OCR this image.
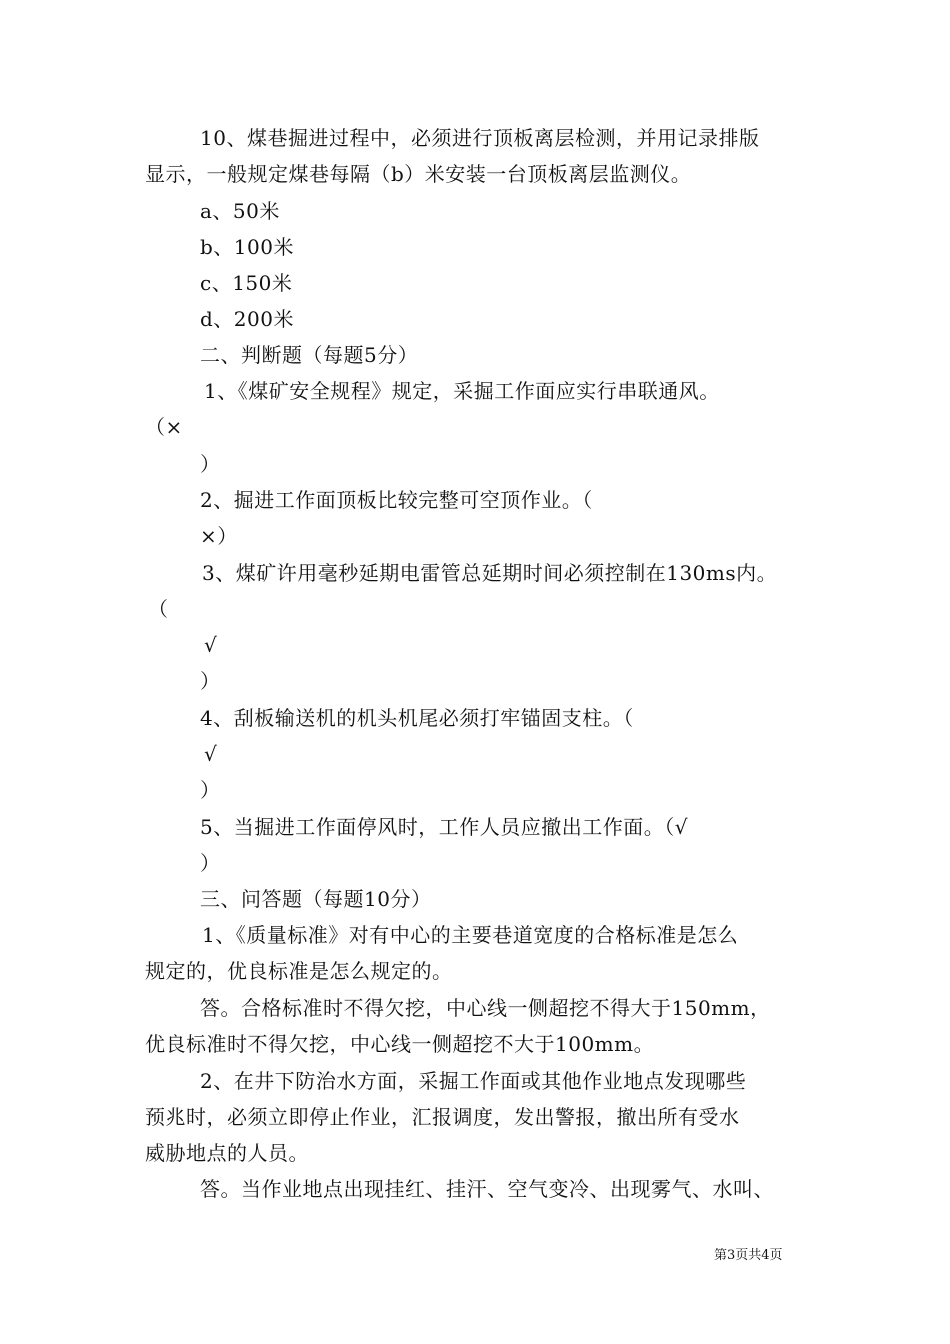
10、煤巷掘进过程中，必须进行顶板离层检测，并用记录排版
显示，一般规定煤巷每隔（b）米安装一台顶板离层监测仪。
a、50米
b、100米
c、150米
d、200米
二、判断题（每题5分）
1、《煤矿安全规程》规定，采掘工作面应实行串联通风。
（×
）
2、掘进工作面顶板比较完整可空顶作业。（
×）
3、煤矿许用毫秒延期电雷管总延期时间必须控制在130ms内。
（
√
）
4、刮板输送机的机头机尾必须打牢锚固支柱。（
√
）
5、当掘进工作面停风时，工作人员应撤出工作面。（√
）
三、问答题（每题10分）
1、《质量标准》对有中心的主要巷道宽度的合格标准是怎么
规定的，优良标准是怎么规定的。
答。合格标准时不得欠挖，中心线一侧超挖不得大于150mm，
优良标准时不得欠挖，中心线一侧超挖不大于100mm。
2、在井下防治水方面，采掘工作面或其他作业地点发现哪些
预兆时，必须立即停止作业，汇报调度，发出警报，撤出所有受水
威胁地点的人员。
答。当作业地点出现挂红、挂汗、空气变冷、出现雾气、水叫、
第3页共4页
